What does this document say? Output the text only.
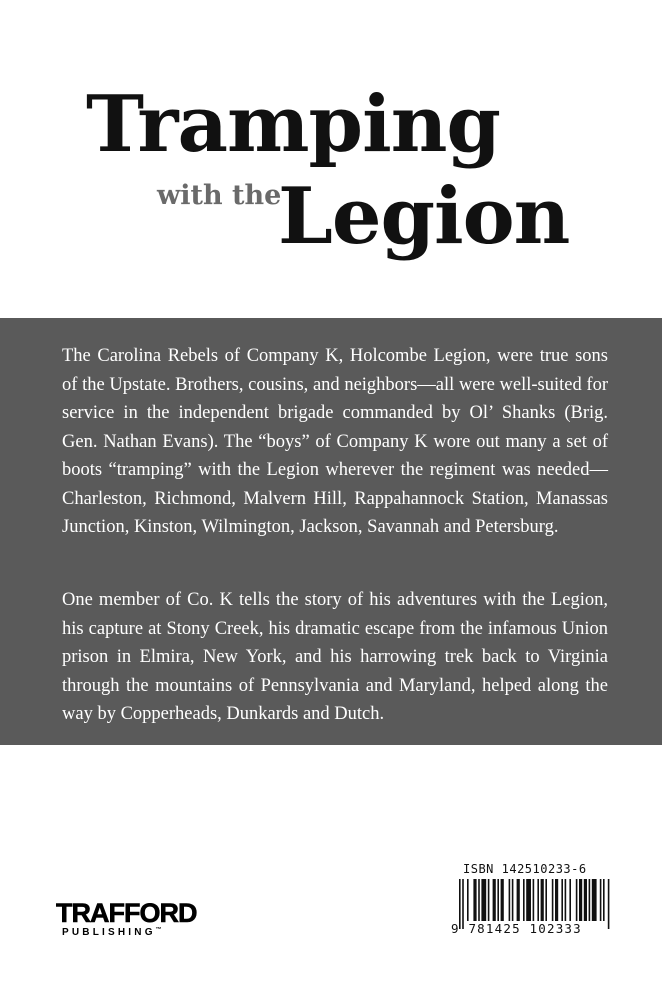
Tramping
with the
Legion

The Carolina Rebels of Company K, Holcombe Legion, were true sons of the Upstate. Brothers, cousins, and neighbors—all were well-suited for service in the independent brigade commanded by Ol’ Shanks (Brig. Gen. Nathan Evans). The “boys” of Company K wore out many a set of boots “tramping” with the Legion wherever the regiment was needed—Charleston, Richmond, Malvern Hill, Rappahannock Station, Manassas Junction, Kinston, Wilmington, Jackson, Savannah and Petersburg.

One member of Co. K tells the story of his adventures with the Legion, his capture at Stony Creek, his dramatic escape from the infamous Union prison in Elmira, New York, and his harrowing trek back to Virginia through the mountains of Pennsylvania and Maryland, helped along the way by Copperheads, Dunkards and Dutch.

TRAFFORD
PUBLISHING™
ISBN 142510233-6
9 781425 102333
